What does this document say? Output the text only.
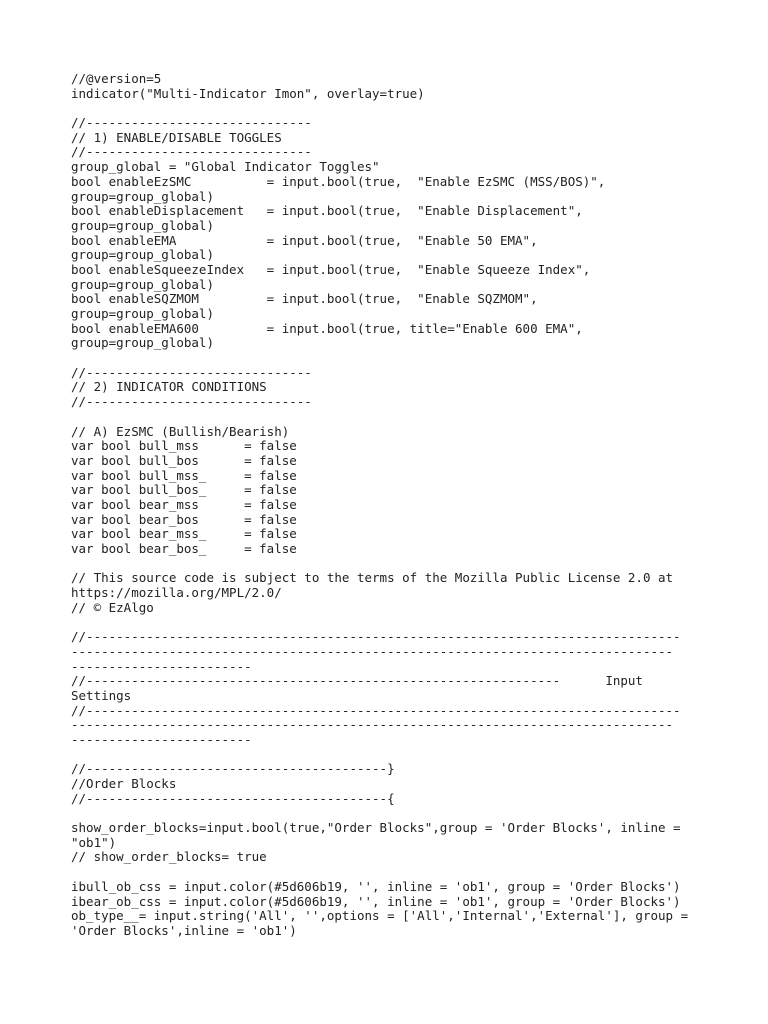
//@version=5
indicator("Multi-Indicator Imon", overlay=true)
//------------------------------
// 1) ENABLE/DISABLE TOGGLES
//------------------------------
group_global = "Global Indicator Toggles"
bool enableEzSMC          = input.bool(true,  "Enable EzSMC (MSS/BOS)",
group=group_global)
bool enableDisplacement   = input.bool(true,  "Enable Displacement",
group=group_global)
bool enableEMA            = input.bool(true,  "Enable 50 EMA",
group=group_global)
bool enableSqueezeIndex   = input.bool(true,  "Enable Squeeze Index",
group=group_global)
bool enableSQZMOM         = input.bool(true,  "Enable SQZMOM",
group=group_global)
bool enableEMA600         = input.bool(true, title="Enable 600 EMA",
group=group_global)
//------------------------------
// 2) INDICATOR CONDITIONS
//------------------------------
// A) EzSMC (Bullish/Bearish)
var bool bull_mss      = false
var bool bull_bos      = false
var bool bull_mss_     = false
var bool bull_bos_     = false
var bool bear_mss      = false
var bool bear_bos      = false
var bool bear_mss_     = false
var bool bear_bos_     = false
// This source code is subject to the terms of the Mozilla Public License 2.0 at
https://mozilla.org/MPL/2.0/
// © EzAlgo
//-------------------------------------------------------------------------------
--------------------------------------------------------------------------------
------------------------
//---------------------------------------------------------------      Input
Settings
//-------------------------------------------------------------------------------
--------------------------------------------------------------------------------
------------------------
//----------------------------------------}
//Order Blocks
//----------------------------------------{
show_order_blocks=input.bool(true,"Order Blocks",group = 'Order Blocks', inline =
"ob1")
// show_order_blocks= true
ibull_ob_css = input.color(#5d606b19, '', inline = 'ob1', group = 'Order Blocks')
ibear_ob_css = input.color(#5d606b19, '', inline = 'ob1', group = 'Order Blocks')
ob_type__= input.string('All', '',options = ['All','Internal','External'], group =
'Order Blocks',inline = 'ob1')
